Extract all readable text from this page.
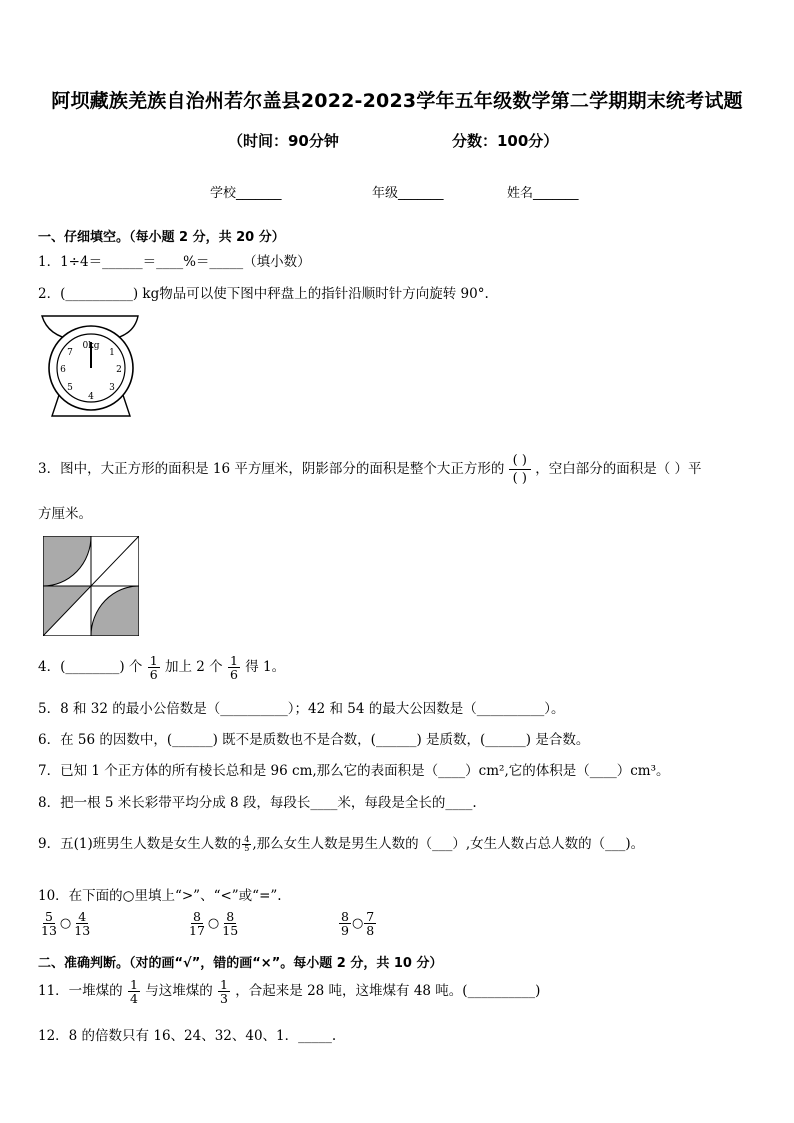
阿坝藏族羌族自治州若尔盖县2022-2023学年五年级数学第二学期期末统考试题
（时间：90分钟	分数：100分）
学校_______	年级_______	姓名_______
一、仔细填空。（每小题 2 分，共 20 分）
1．1÷4＝______＝____%＝_____（填小数）
2．(__________) kg物品可以使下图中秤盘上的指针沿顺时针方向旋转 90°.
0kg
1
2
3
4
5
6
7
3．图中，大正方形的面积是 16 平方厘米，阴影部分的面积是整个大正方形的 $\frac{( )}{( )}$ ，空白部分的面积是（ ）平
方厘米。
4．(________) 个 $\frac{1}{6}$ 加上 2 个 $\frac{1}{6}$ 得 1。
5．8 和 32 的最小公倍数是（__________）；42 和 54 的最大公因数是（__________）。
6．在 56 的因数中，(______) 既不是质数也不是合数，(______) 是质数，(______) 是合数。
7．已知 1 个正方体的所有棱长总和是 96 cm,那么它的表面积是（____）cm²,它的体积是（____）cm³。
8．把一根 5 米长彩带平均分成 8 段，每段长____米，每段是全长的____.
9．五(1)班男生人数是女生人数的 $\frac{4}{5}$ ,那么女生人数是男生人数的（___）,女生人数占总人数的（___)。
10．在下面的○里填上“>”、“<”或“=”.
$\frac{5}{13}$ ○ $\frac{4}{13}$	$\frac{8}{17}$ ○ $\frac{8}{15}$	$\frac{8}{9}$ ○ $\frac{7}{8}$
二、准确判断。（对的画“√”，错的画“×”。每小题 2 分，共 10 分）
11．一堆煤的 $\frac{1}{4}$ 与这堆煤的 $\frac{1}{3}$ ，合起来是 28 吨，这堆煤有 48 吨。(__________)
12．8 的倍数只有 16、24、32、40、1．_____.
